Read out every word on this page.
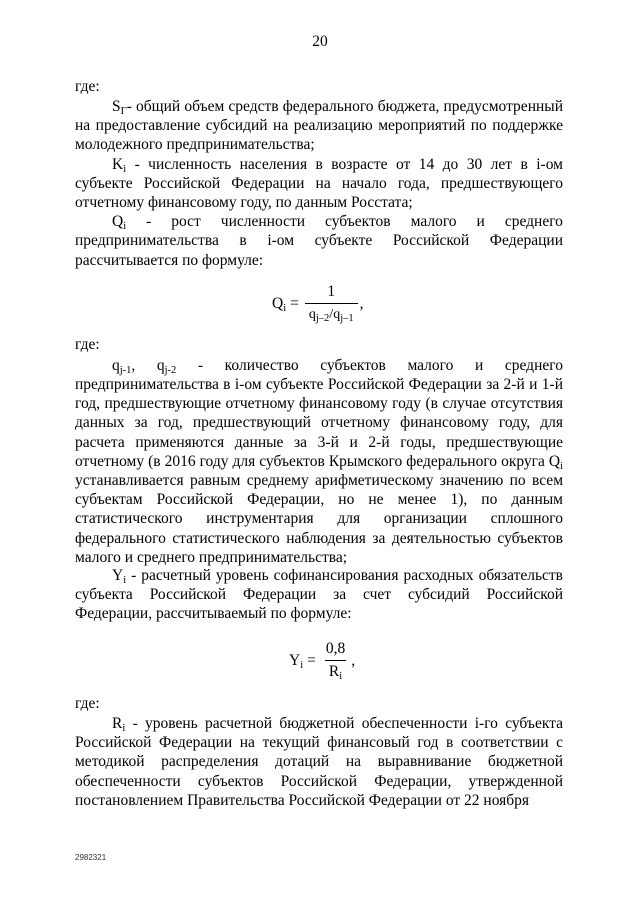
20
где:

$S_Г-$ общий объем средств федерального бюджета, предусмотренный на предоставление субсидий на реализацию мероприятий по поддержке молодежного предпринимательства;

$K_i$ - численность населения в возрасте от 14 до 30 лет в i-ом субъекте Российской Федерации на начало года, предшествующего отчетному финансовому году, по данным Росстата;

$Q_i$ - рост численности субъектов малого и среднего
предпринимательства в i-ом субъекте Российской Федерации
рассчитывается по формуле:
$Q_i = \frac{1}{q_{j-2}/q_{j-1}}$ ,
где:
$q_{j-1}$, $q_{j-2}$ - количество субъектов малого и среднего

предпринимательства в i-ом субъекте Российской Федерации за 2-й и 1-й год, предшествующие отчетному финансовому году (в случае отсутствия данных за год, предшествующий отчетному финансовому году, для расчета применяются данные за 3-й и 2-й годы, предшествующие отчетному (в 2016 году для субъектов Крымского федерального округа $Q_i$ устанавливается равным среднему арифметическому значению по всем субъектам Российской Федерации, но не менее 1), по данным статистического инструментария для организации сплошного федерального статистического наблюдения за деятельностью субъектов малого и среднего предпринимательства;

$Y_i$ - расчетный уровень софинансирования расходных обязательств субъекта Российской Федерации за счет субсидий Российской Федерации, рассчитываемый по формуле:

$Y_i = \frac{0,8}{R_i}$ ,
где:

$R_i$ - уровень расчетной бюджетной обеспеченности i-го субъекта Российской Федерации на текущий финансовый год в соответствии с методикой распределения дотаций на выравнивание бюджетной обеспеченности субъектов Российской Федерации, утвержденной постановлением Правительства Российской Федерации от 22 ноября

2982321
